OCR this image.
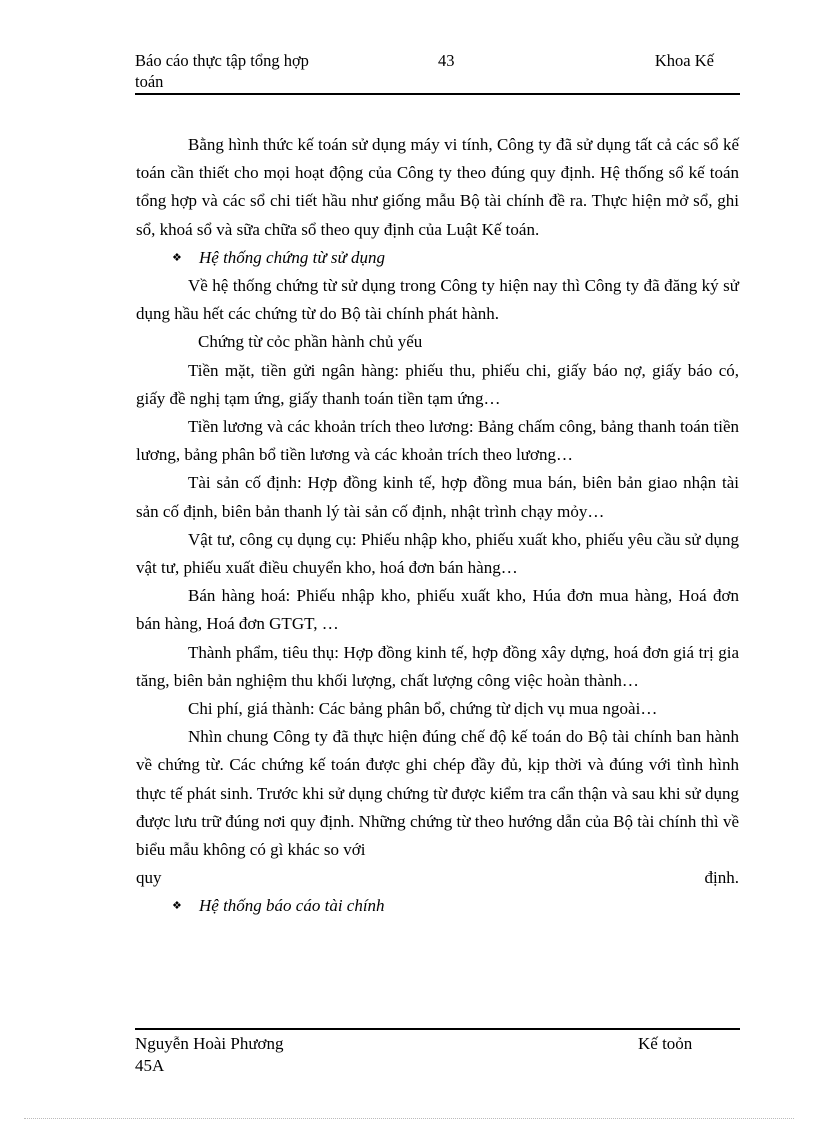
Báo cáo thực tập tổng hợp
toán
43	Khoa Kế

Bằng hình thức kế toán sử dụng máy vi tính, Công ty đã sử dụng tất cả các sổ kế toán cần thiết cho mọi hoạt động của Công ty theo đúng quy định. Hệ thống sổ kế toán tổng hợp và các sổ chi tiết hầu như giống mẫu Bộ tài chính đề ra. Thực hiện mở sổ, ghi sổ, khoá sổ và sữa chữa sổ theo quy định của Luật Kế toán.

❖	Hệ thống chứng từ sử dụng

Về hệ thống chứng từ sử dụng trong Công ty hiện nay thì Công ty đã đăng ký sử dụng hầu hết các chứng từ do Bộ tài chính phát hành.

Chứng từ cỏc phần hành chủ yếu

Tiền mặt, tiền gửi ngân hàng: phiếu thu, phiếu chi, giấy báo nợ, giấy báo có, giấy đề nghị tạm ứng, giấy thanh toán tiền tạm ứng…

Tiền lương và các khoản trích theo lương: Bảng chấm công, bảng thanh toán tiền lương, bảng phân bổ tiền lương và các khoản trích theo lương…

Tài sản cố định: Hợp đồng kinh tế, hợp đồng mua bán, biên bản giao nhận tài sản cố định, biên bản thanh lý tài sản cố định, nhật trình chạy mỏy…

Vật tư, công cụ dụng cụ: Phiếu nhập kho, phiếu xuất kho, phiếu yêu cầu sử dụng vật tư, phiếu xuất điều chuyển kho, hoá đơn bán hàng…

Bán hàng hoá: Phiếu nhập kho, phiếu xuất kho, Húa đơn mua hàng, Hoá đơn bán hàng, Hoá đơn GTGT, …

Thành phẩm, tiêu thụ: Hợp đồng kinh tế, hợp đồng xây dựng, hoá đơn giá trị gia tăng, biên bản nghiệm thu khối lượng, chất lượng công việc hoàn thành…

Chi phí, giá thành: Các bảng phân bổ, chứng từ dịch vụ mua ngoài…

Nhìn chung Công ty đã thực hiện đúng chế độ kế toán do Bộ tài chính ban hành về chứng từ. Các chứng kế toán được ghi chép đầy đủ, kịp thời và đúng với tình hình thực tế phát sinh. Trước khi sử dụng chứng từ được kiểm tra cẩn thận và sau khi sử dụng được lưu trữ đúng nơi quy định. Những chứng từ theo hướng dẫn của Bộ tài chính thì về biểu mẫu không có gì khác so với

quy	định.

❖	Hệ thống báo cáo tài chính

Nguyễn Hoài Phương
45A
Kế toỏn
